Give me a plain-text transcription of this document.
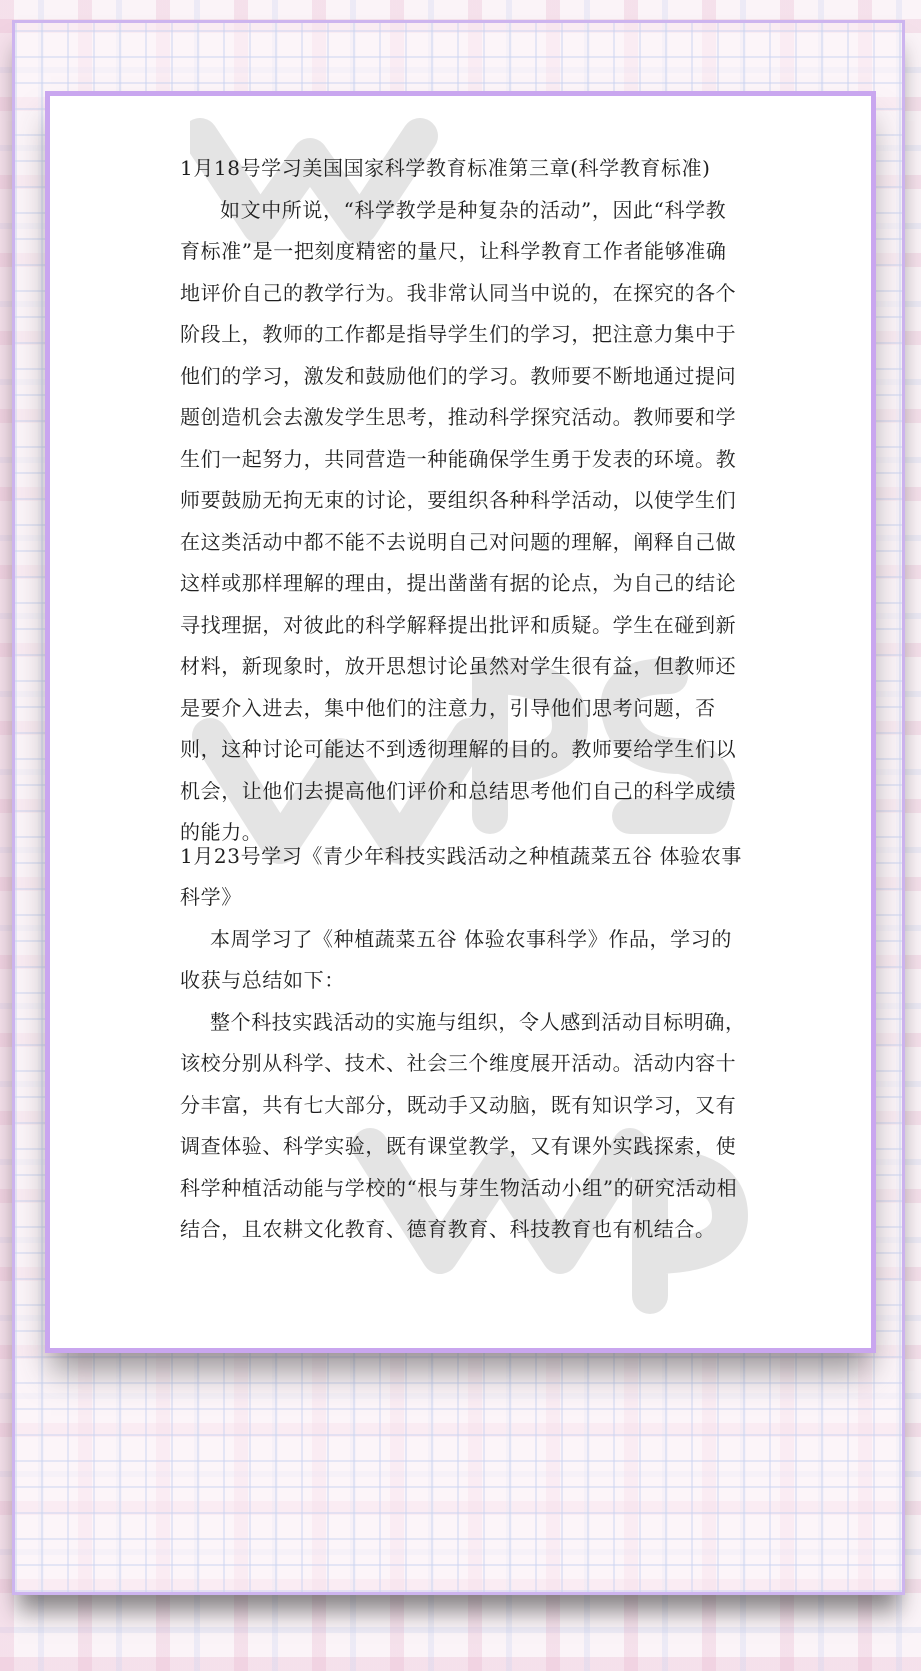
1月18号学习美国国家科学教育标准第三章(科学教育标准)

如文中所说，“科学教学是种复杂的活动”，因此“科学教育标准”是一把刻度精密的量尺，让科学教育工作者能够准确地评价自己的教学行为。我非常认同当中说的，在探究的各个阶段上，教师的工作都是指导学生们的学习，把注意力集中于他们的学习，激发和鼓励他们的学习。教师要不断地通过提问题创造机会去激发学生思考，推动科学探究活动。教师要和学生们一起努力，共同营造一种能确保学生勇于发表的环境。教师要鼓励无拘无束的讨论，要组织各种科学活动，以使学生们在这类活动中都不能不去说明自己对问题的理解，阐释自己做这样或那样理解的理由，提出凿凿有据的论点，为自己的结论寻找理据，对彼此的科学解释提出批评和质疑。学生在碰到新材料，新现象时，放开思想讨论虽然对学生很有益，但教师还是要介入进去，集中他们的注意力，引导他们思考问题，否则，这种讨论可能达不到透彻理解的目的。教师要给学生们以机会，让他们去提高他们评价和总结思考他们自己的科学成绩的能力。

1月23号学习《青少年科技实践活动之种植蔬菜五谷 体验农事科学》

本周学习了《种植蔬菜五谷 体验农事科学》作品，学习的收获与总结如下：

整个科技实践活动的实施与组织，令人感到活动目标明确，该校分别从科学、技术、社会三个维度展开活动。活动内容十分丰富，共有七大部分，既动手又动脑，既有知识学习，又有调查体验、科学实验，既有课堂教学，又有课外实践探索，使科学种植活动能与学校的“根与芽生物活动小组”的研究活动相结合，且农耕文化教育、德育教育、科技教育也有机结合。
